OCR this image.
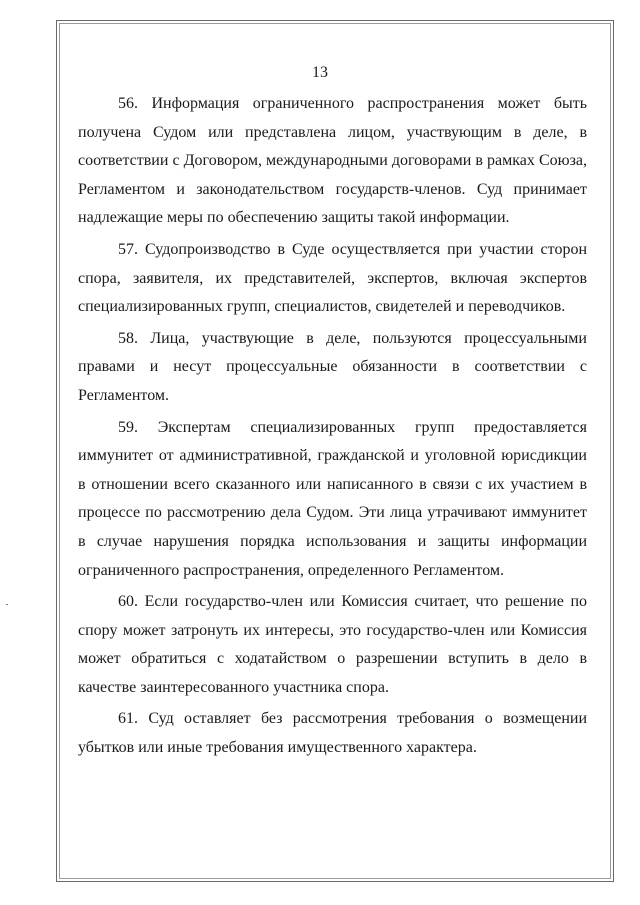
13

56. Информация ограниченного распространения может быть получена Судом или представлена лицом, участвующим в деле, в соответствии с Договором, международными договорами в рамках Союза, Регламентом и законодательством государств-членов. Суд принимает надлежащие меры по обеспечению защиты такой информации.

57. Судопроизводство в Суде осуществляется при участии сторон спора, заявителя, их представителей, экспертов, включая экспертов специализированных групп, специалистов, свидетелей и переводчиков.

58. Лица, участвующие в деле, пользуются процессуальными правами и несут процессуальные обязанности в соответствии с Регламентом.

59. Экспертам специализированных групп предоставляется иммунитет от административной, гражданской и уголовной юрисдикции в отношении всего сказанного или написанного в связи с их участием в процессе по рассмотрению дела Судом. Эти лица утрачивают иммунитет в случае нарушения порядка использования и защиты информации ограниченного распространения, определенного Регламентом.

60. Если государство-член или Комиссия считает, что решение по спору может затронуть их интересы, это государство-член или Комиссия может обратиться с ходатайством о разрешении вступить в дело в качестве заинтересованного участника спора.

61. Суд оставляет без рассмотрения требования о возмещении убытков или иные требования имущественного характера.
